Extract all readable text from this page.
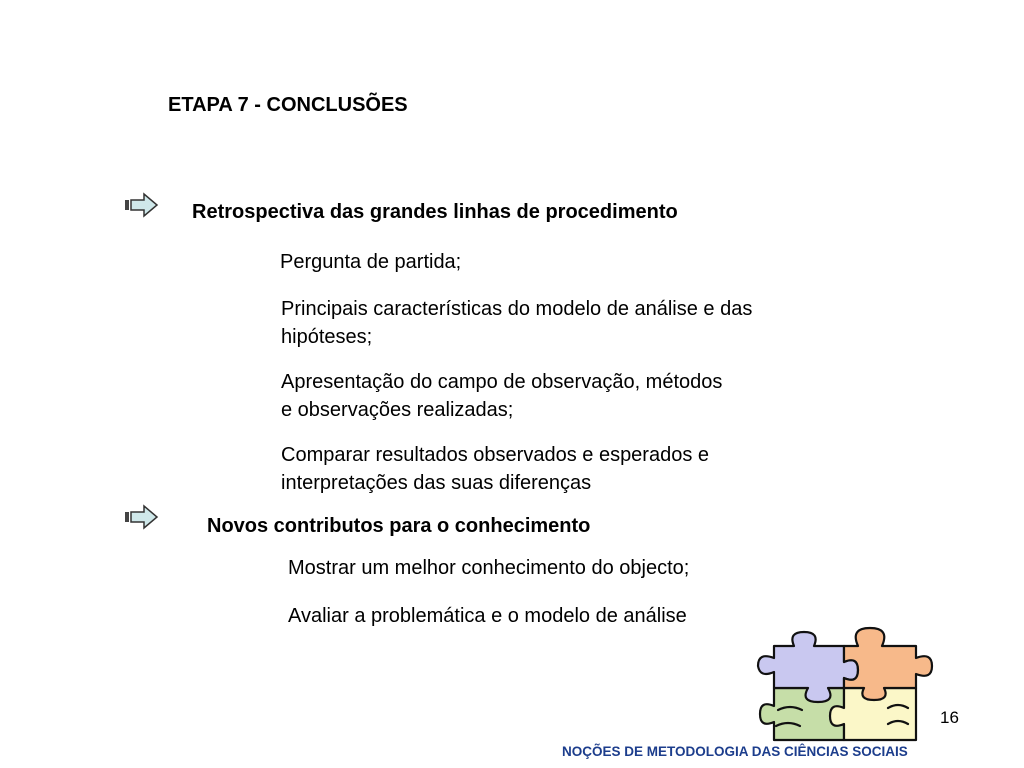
ETAPA 7 - CONCLUSÕES
Retrospectiva das grandes linhas de procedimento
Pergunta de partida;
Principais características do modelo de análise e das
hipóteses;
Apresentação do campo de observação, métodos
e observações realizadas;
Comparar resultados observados e esperados e
interpretações das suas diferenças
Novos contributos para o conhecimento
Mostrar um melhor conhecimento do objecto;
Avaliar a problemática e o modelo de análise
16
NOÇÕES DE METODOLOGIA DAS CIÊNCIAS SOCIAIS
